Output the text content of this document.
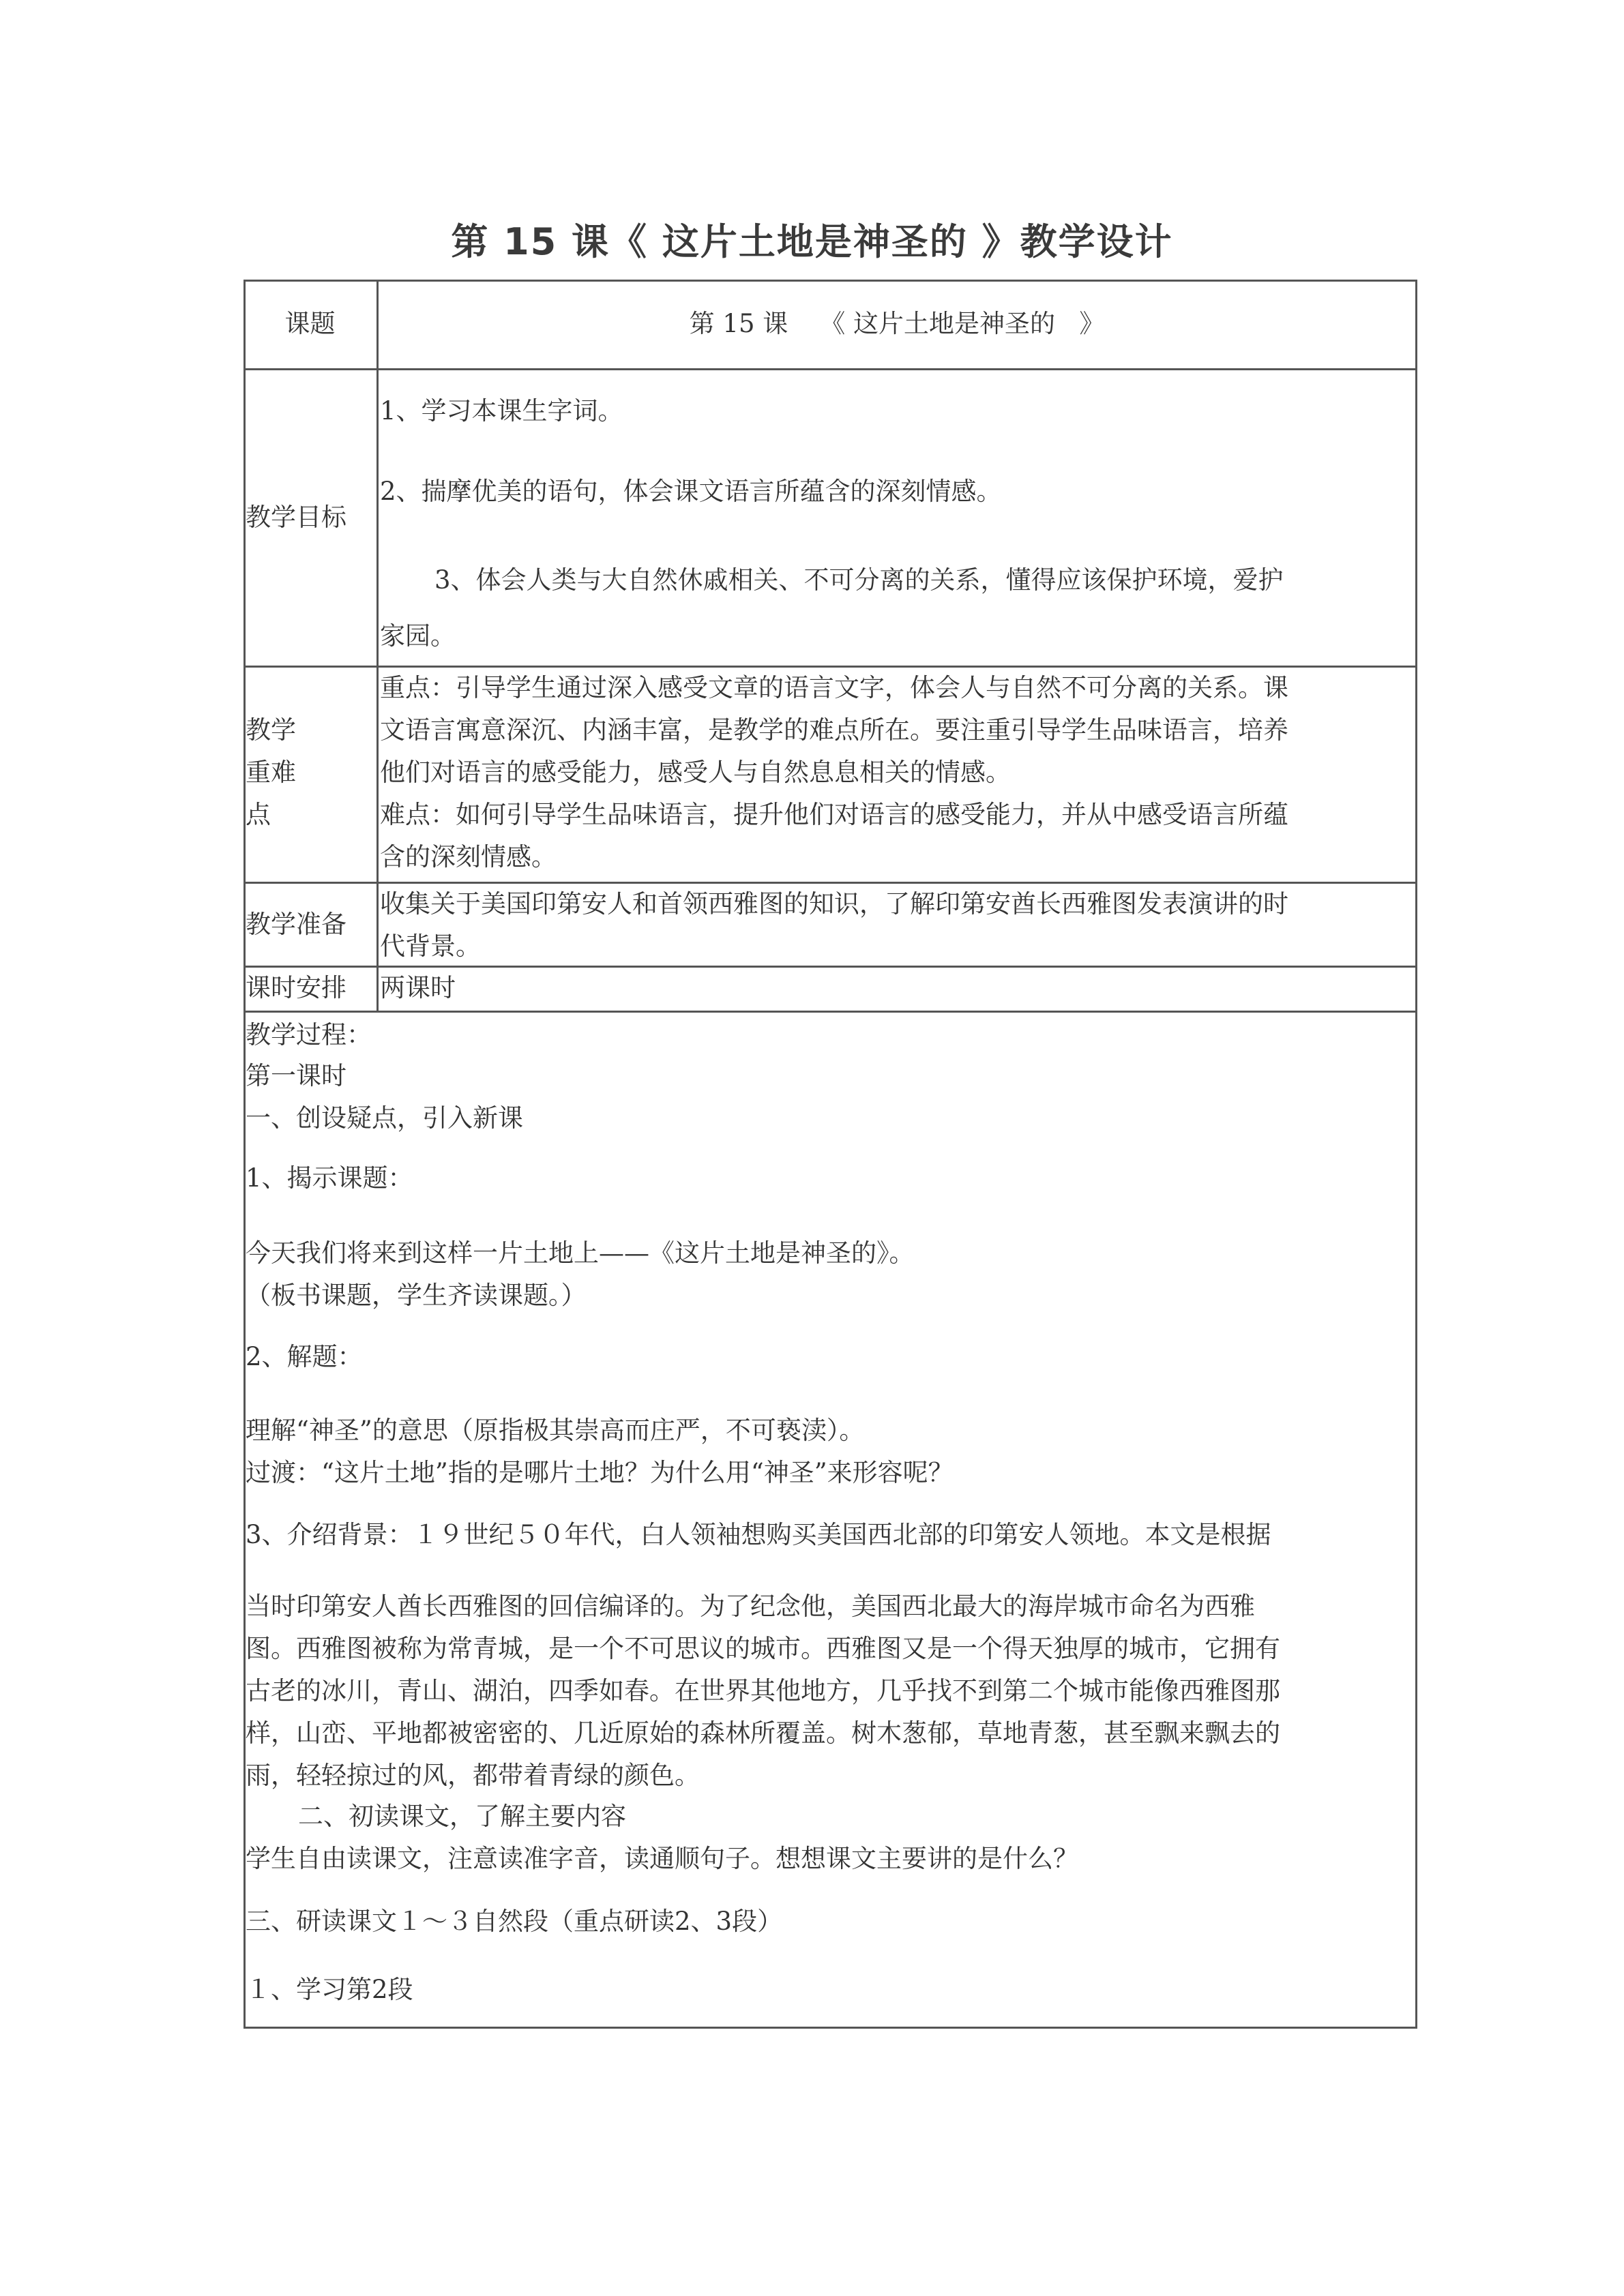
第 15 课《 这片土地是神圣的 》教学设计
课题	第 15 课    《 这片土地是神圣的   》
教学目标

1、学习本课生字词。

2、揣摩优美的语句，体会课文语言所蕴含的深刻情感。

3、体会人类与大自然休戚相关、不可分离的关系，懂得应该保护环境，爱护

家园。

教学

重难

点

重点：引导学生通过深入感受文章的语言文字，体会人与自然不可分离的关系。课

文语言寓意深沉、内涵丰富，是教学的难点所在。要注重引导学生品味语言，培养

他们对语言的感受能力，感受人与自然息息相关的情感。

难点：如何引导学生品味语言，提升他们对语言的感受能力，并从中感受语言所蕴

含的深刻情感。

教学准备

收集关于美国印第安人和首领西雅图的知识，了解印第安酋长西雅图发表演讲的时

代背景。

课时安排 两课时

教学过程：

第一课时

一、创设疑点，引入新课

1、揭示课题：

今天我们将来到这样一片土地上——《这片土地是神圣的》。

（板书课题，学生齐读课题。）

2、解题：

理解“神圣”的意思（原指极其崇高而庄严，不可亵渎）。

过渡：“这片土地”指的是哪片土地？为什么用“神圣”来形容呢？

3、介绍背景：１９世纪５０年代，白人领袖想购买美国西北部的印第安人领地。本文是根据

当时印第安人酋长西雅图的回信编译的。为了纪念他，美国西北最大的海岸城市命名为西雅

图。西雅图被称为常青城，是一个不可思议的城市。西雅图又是一个得天独厚的城市，它拥有

古老的冰川，青山、湖泊，四季如春。在世界其他地方，几乎找不到第二个城市能像西雅图那

样，山峦、平地都被密密的、几近原始的森林所覆盖。树木葱郁，草地青葱，甚至飘来飘去的

雨，轻轻掠过的风，都带着青绿的颜色。

二、初读课文，了解主要内容

学生自由读课文，注意读准字音，读通顺句子。想想课文主要讲的是什么？

三、研读课文１～３自然段（重点研读2、3段）

１、学习第2段
